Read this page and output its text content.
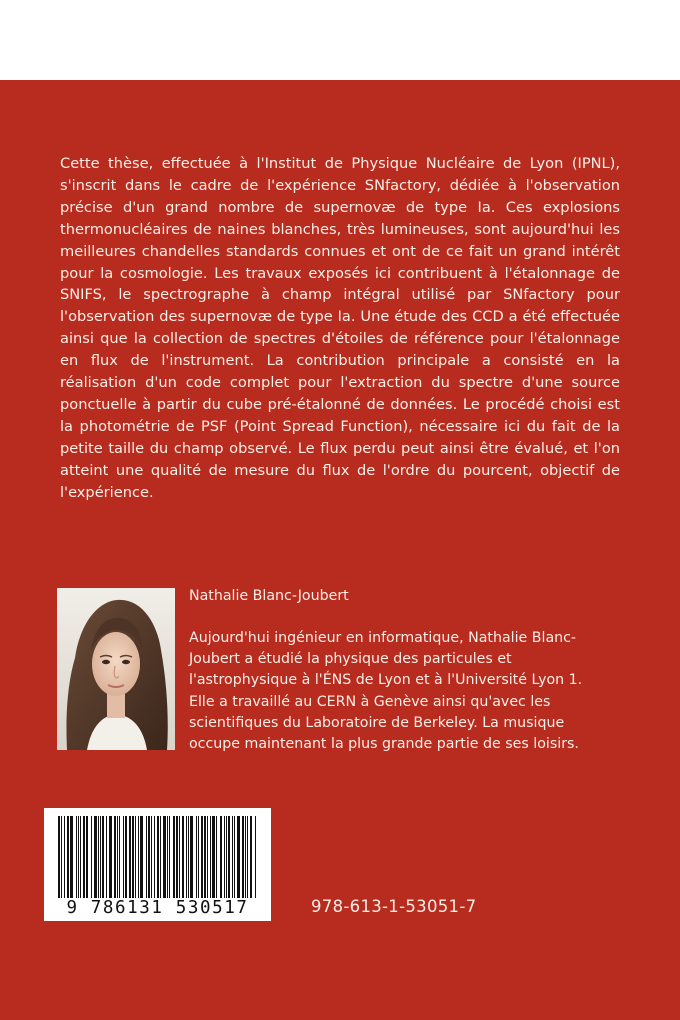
Cette thèse, effectuée à l'Institut de Physique Nucléaire de Lyon (IPNL), s'inscrit dans le cadre de l'expérience SNfactory, dédiée à l'observation précise d'un grand nombre de supernovæ de type Ia. Ces explosions thermonucléaires de naines blanches, très lumineuses, sont aujourd'hui les meilleures chandelles standards connues et ont de ce fait un grand intérêt pour la cosmologie. Les travaux exposés ici contribuent à l'étalonnage de SNIFS, le spectrographe à champ intégral utilisé par SNfactory pour l'observation des supernovæ de type Ia. Une étude des CCD a été effectuée ainsi que la collection de spectres d'étoiles de référence pour l'étalonnage en flux de l'instrument. La contribution principale a consisté en la réalisation d'un code complet pour l'extraction du spectre d'une source ponctuelle à partir du cube pré-étalonné de données. Le procédé choisi est la photométrie de PSF (Point Spread Function), nécessaire ici du fait de la petite taille du champ observé. Le flux perdu peut ainsi être évalué, et l'on atteint une qualité de mesure du flux de l'ordre du pourcent, objectif de l'expérience.

Nathalie Blanc-Joubert

Aujourd'hui ingénieur en informatique, Nathalie Blanc-Joubert a étudié la physique des particules et l'astrophysique à l'ÉNS de Lyon et à l'Université Lyon 1. Elle a travaillé au CERN à Genève ainsi qu'avec les scientifiques du Laboratoire de Berkeley. La musique occupe maintenant la plus grande partie de ses loisirs.

9 786131 530517	978-613-1-53051-7
